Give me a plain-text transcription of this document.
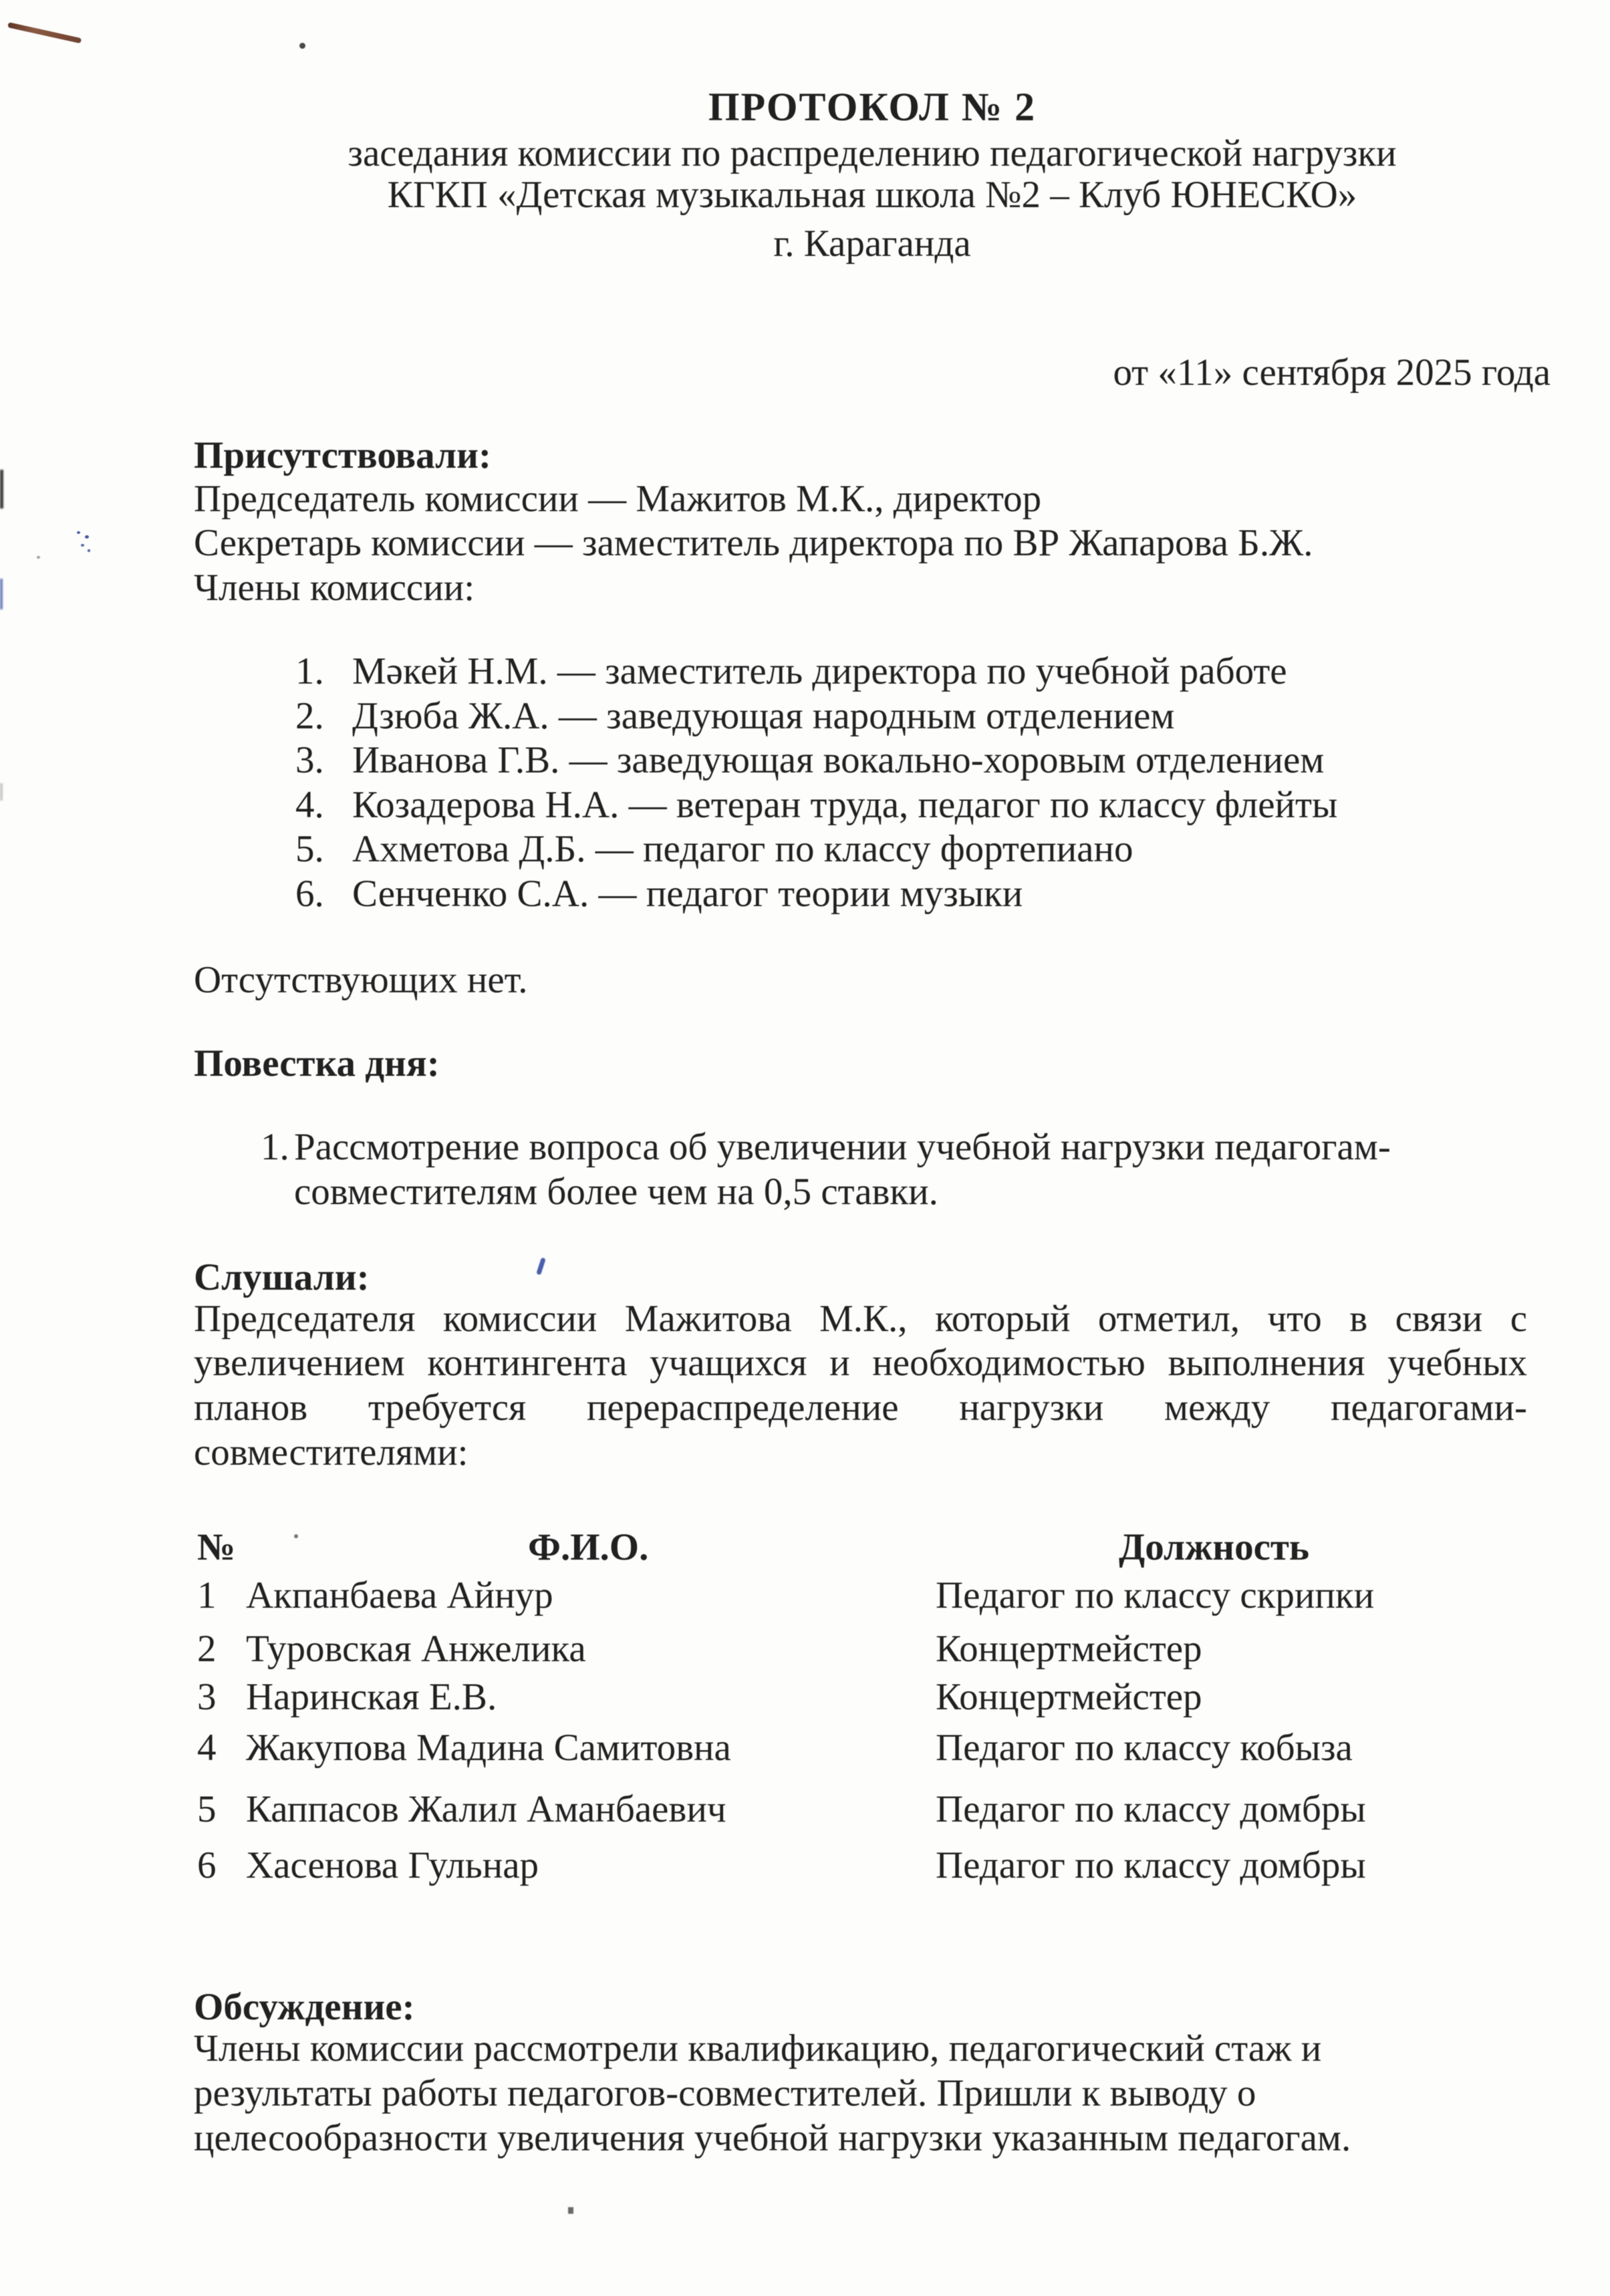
ПРОТОКОЛ № 2
заседания комиссии по распределению педагогической нагрузки
КГКП «Детская музыкальная школа №2 – Клуб ЮНЕСКО»
г. Караганда
от «11» сентября 2025 года
Присутствовали:
Председатель комиссии — Мажитов М.К., директор
Секретарь комиссии — заместитель директора по ВР Жапарова Б.Ж.
Члены комиссии:
1. Мәкей Н.М. — заместитель директора по учебной работе
2. Дзюба Ж.А. — заведующая народным отделением
3. Иванова Г.В. — заведующая вокально-хоровым отделением
4. Козадерова Н.А. — ветеран труда, педагог по классу флейты
5. Ахметова Д.Б. — педагог по классу фортепиано
6. Сенченко С.А. — педагог теории музыки
Отсутствующих нет.
Повестка дня:
1. Рассмотрение вопроса об увеличении учебной нагрузки педагогам-
совместителям более чем на 0,5 ставки.
Слушали:
Председателя комиссии Мажитова М.К., который отметил, что в связи с
увеличением контингента учащихся и необходимостью выполнения учебных
планов требуется перераспределение нагрузки между педагогами-
совместителями:
№	Ф.И.О.	Должность
1 Акпанбаева Айнур	Педагог по классу скрипки
2 Туровская Анжелика	Концертмейстер
3 Наринская Е.В.	Концертмейстер
4 Жакупова Мадина Самитовна	Педагог по классу кобыза
5 Каппасов Жалил Аманбаевич	Педагог по классу домбры
6 Хасенова Гульнар	Педагог по классу домбры
Обсуждение:
Члены комиссии рассмотрели квалификацию, педагогический стаж и
результаты работы педагогов-совместителей. Пришли к выводу о
целесообразности увеличения учебной нагрузки указанным педагогам.
